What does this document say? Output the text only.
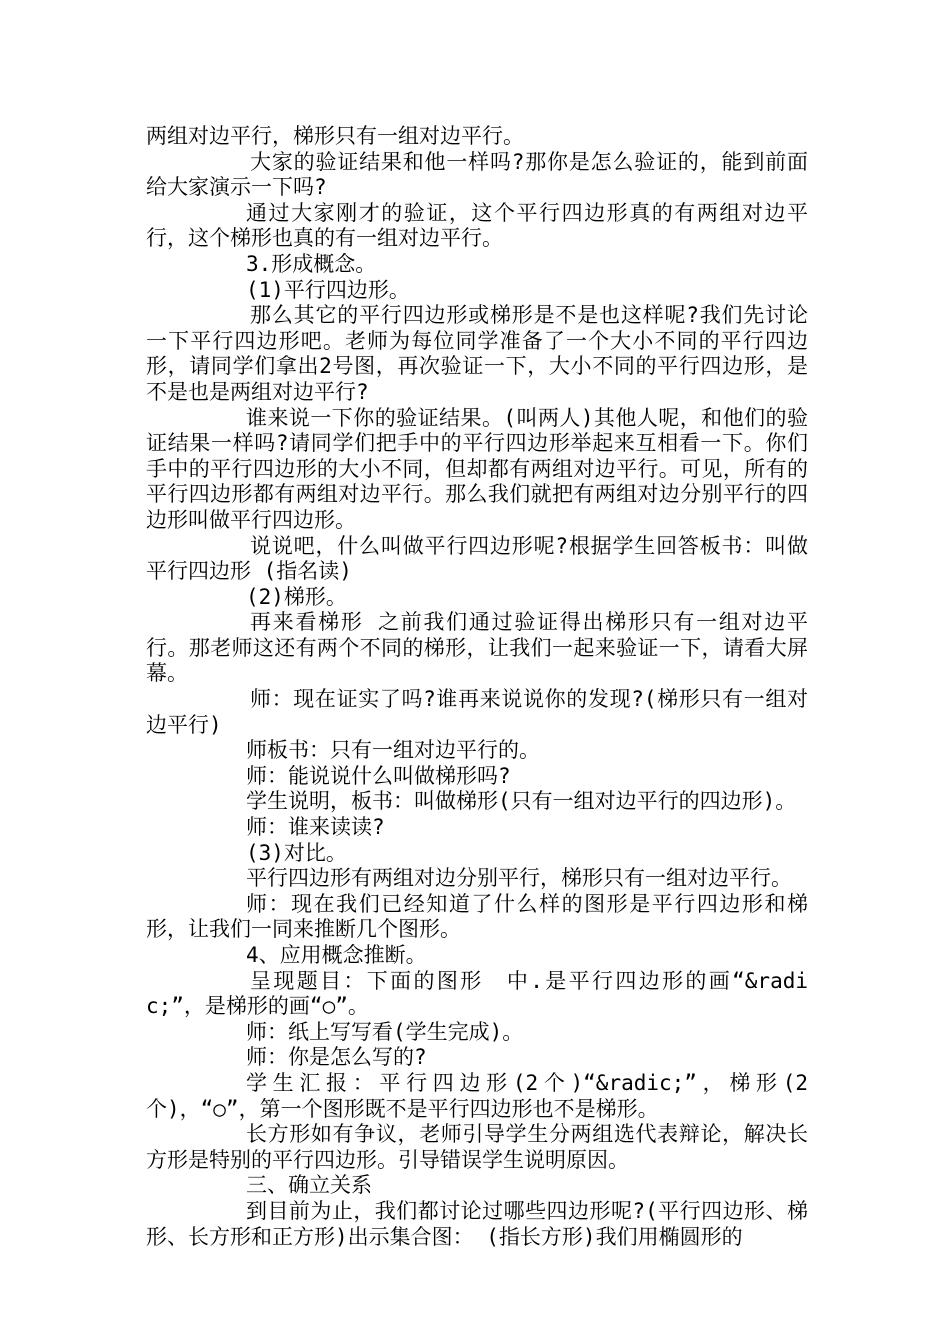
两组对边平行，梯形只有一组对边平行。

大家的验证结果和他一样吗?那你是怎么验证的，能到前面给大家演示一下吗?

通过大家刚才的验证，这个平行四边形真的有两组对边平行，这个梯形也真的有一组对边平行。

3.形成概念。

(1)平行四边形。

那么其它的平行四边形或梯形是不是也这样呢?我们先讨论一下平行四边形吧。老师为每位同学准备了一个大小不同的平行四边形，请同学们拿出2号图，再次验证一下，大小不同的平行四边形，是不是也是两组对边平行?

谁来说一下你的验证结果。(叫两人)其他人呢，和他们的验证结果一样吗?请同学们把手中的平行四边形举起来互相看一下。你们手中的平行四边形的大小不同，但却都有两组对边平行。可见，所有的平行四边形都有两组对边平行。那么我们就把有两组对边分别平行的四边形叫做平行四边形。

说说吧，什么叫做平行四边形呢?根据学生回答板书：叫做平行四边形 (指名读)

(2)梯形。

再来看梯形 之前我们通过验证得出梯形只有一组对边平行。那老师这还有两个不同的梯形，让我们一起来验证一下，请看大屏幕。

师：现在证实了吗?谁再来说说你的发现?(梯形只有一组对边平行)

师板书：只有一组对边平行的。

师：能说说什么叫做梯形吗?

学生说明，板书：叫做梯形(只有一组对边平行的四边形)。

师：谁来读读?

(3)对比。

平行四边形有两组对边分别平行，梯形只有一组对边平行。

师：现在我们已经知道了什么样的图形是平行四边形和梯形，让我们一同来推断几个图形。

4、应用概念推断。

呈现题目：下面的图形　中.是平行四边形的画“&radic;”，是梯形的画“○”。

师：纸上写写看(学生完成)。

师：你是怎么写的?

学生汇报：平行四边形(2个)“&radic;”，梯形(2个)，“○”，第一个图形既不是平行四边形也不是梯形。

长方形如有争议，老师引导学生分两组选代表辩论，解决长方形是特别的平行四边形。引导错误学生说明原因。

三、确立关系

到目前为止，我们都讨论过哪些四边形呢?(平行四边形、梯形、长方形和正方形)出示集合图： (指长方形)我们用椭圆形的
